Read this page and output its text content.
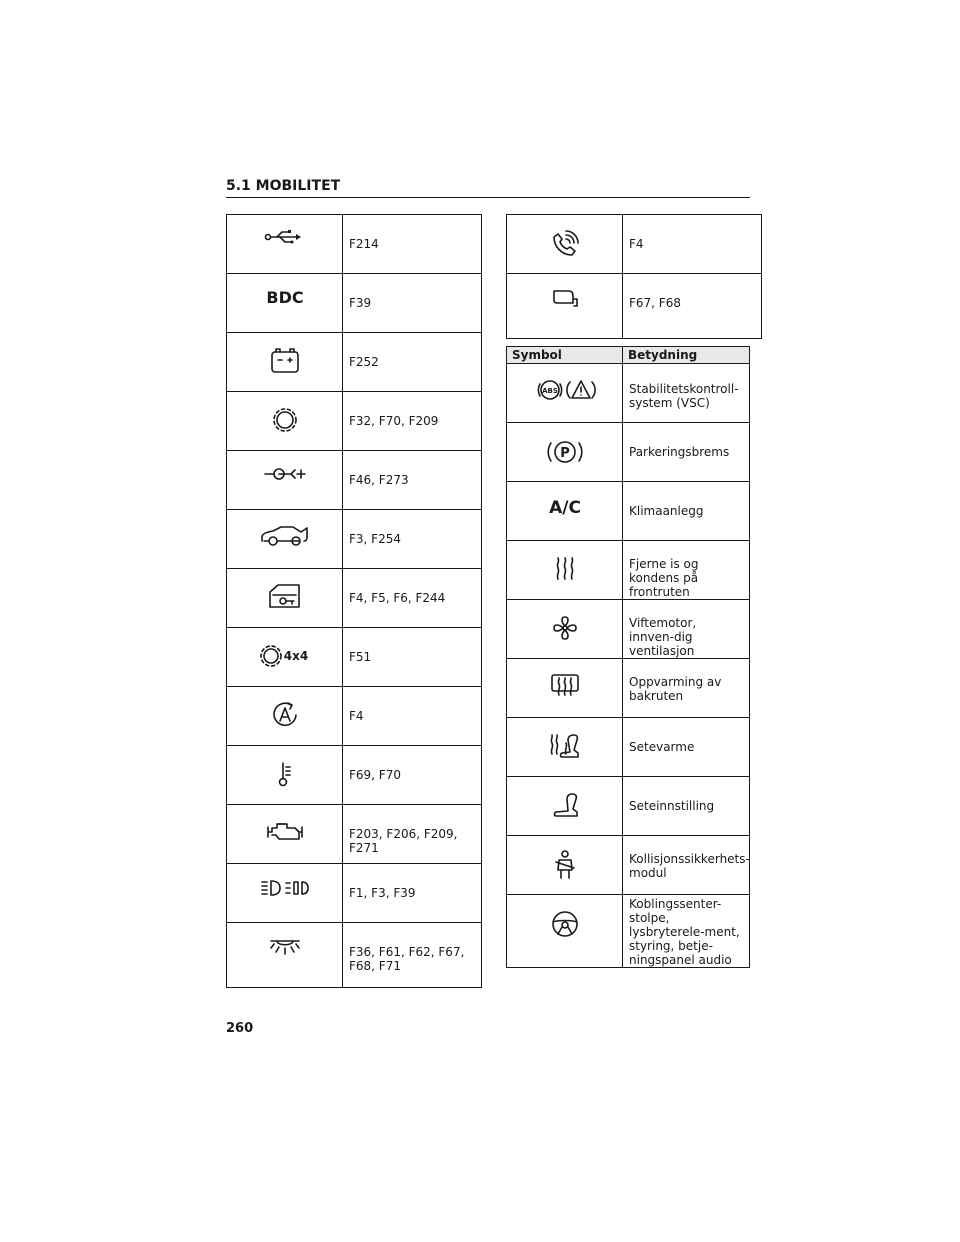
5.1 MOBILITET

F214

BDC	F39

F252

F32, F70, F209

F46, F273

F3, F254

F4, F5, F6, F244

4x4	F51

F4

F69, F70

F203, F206, F209, F271

F1, F3, F39

F36, F61, F62, F67, F68, F71

F4

F67, F68
Symbol	Betydning

ABS	Stabilitetskontroll-system (VSC)

P	Parkeringsbrems

A/C	Klimaanlegg

Fjerne is og kondens på frontruten

Viftemotor, innven-dig ventilasjon

Oppvarming av bakruten

Setevarme

Seteinnstilling

Kollisjonssikkerhets-modul

Koblingssenter-stolpe, lysbryterele-ment, styring, betje-ningspanel audio
260
